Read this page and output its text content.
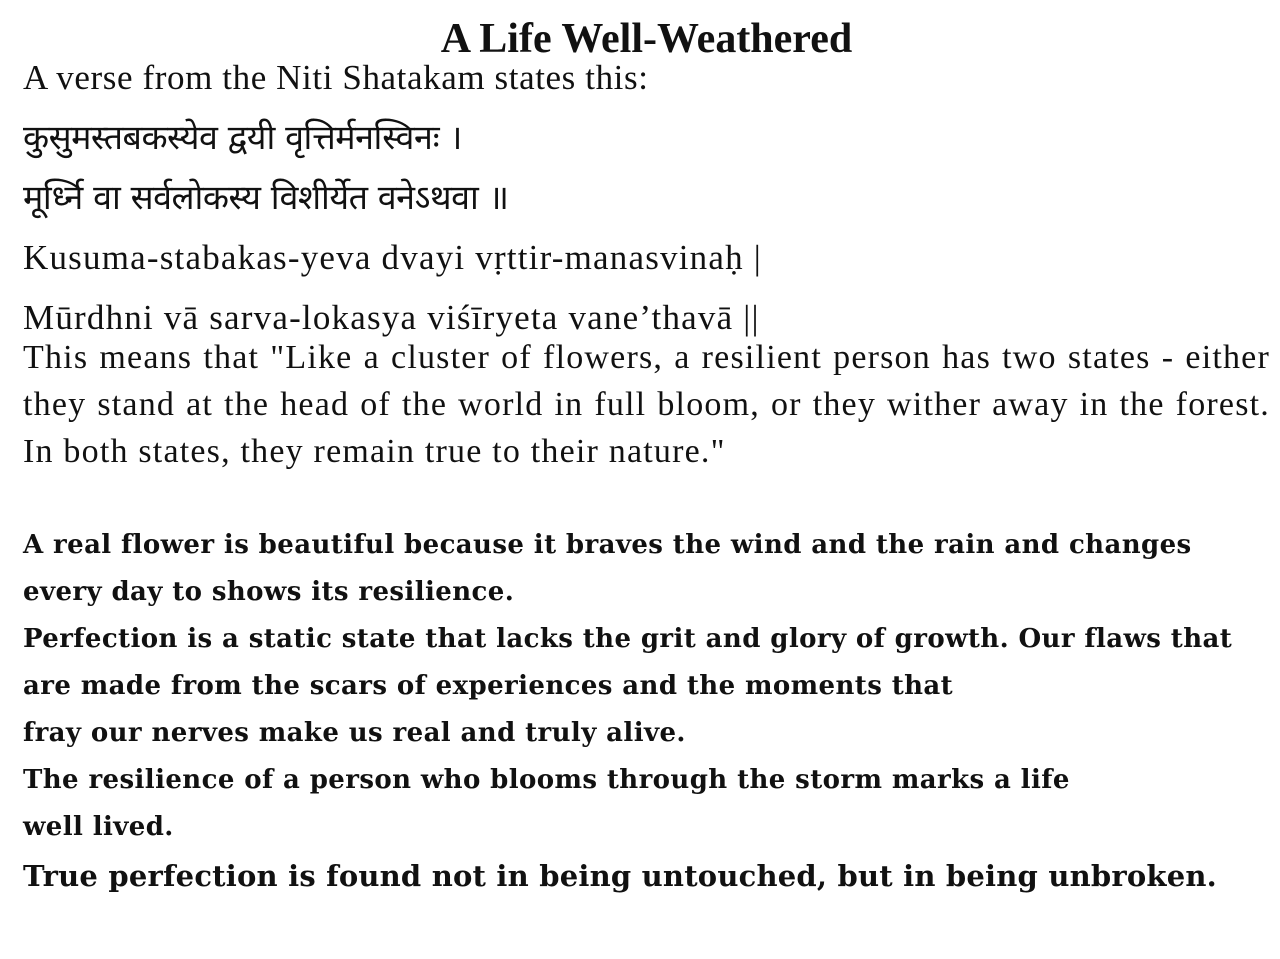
A Life Well-Weathered
A verse from the Niti Shatakam states this:
कुसुमस्तबकस्येव द्वयी वृत्तिर्मनस्विनः ।
मूर्ध्नि वा सर्वलोकस्य विशीर्येत वनेऽथवा ॥
Kusuma-stabakas-yeva dvayi vṛttir-manasvinaḥ |
Mūrdhni vā sarva-lokasya viśīryeta vane’thavā ||
This means that "Like a cluster of flowers, a resilient person has two states - either they stand at the head of the world in full bloom, or they wither away in the forest. In both states, they remain true to their nature."
A real flower is beautiful because it braves the wind and the rain and changes
every day to shows its resilience.
Perfection is a static state that lacks the grit and glory of growth. Our flaws that
are made from the scars of experiences and the moments that
fray our nerves make us real and truly alive.
The resilience of a person who blooms through the storm marks a life
well lived.
True perfection is found not in being untouched, but in being unbroken.
